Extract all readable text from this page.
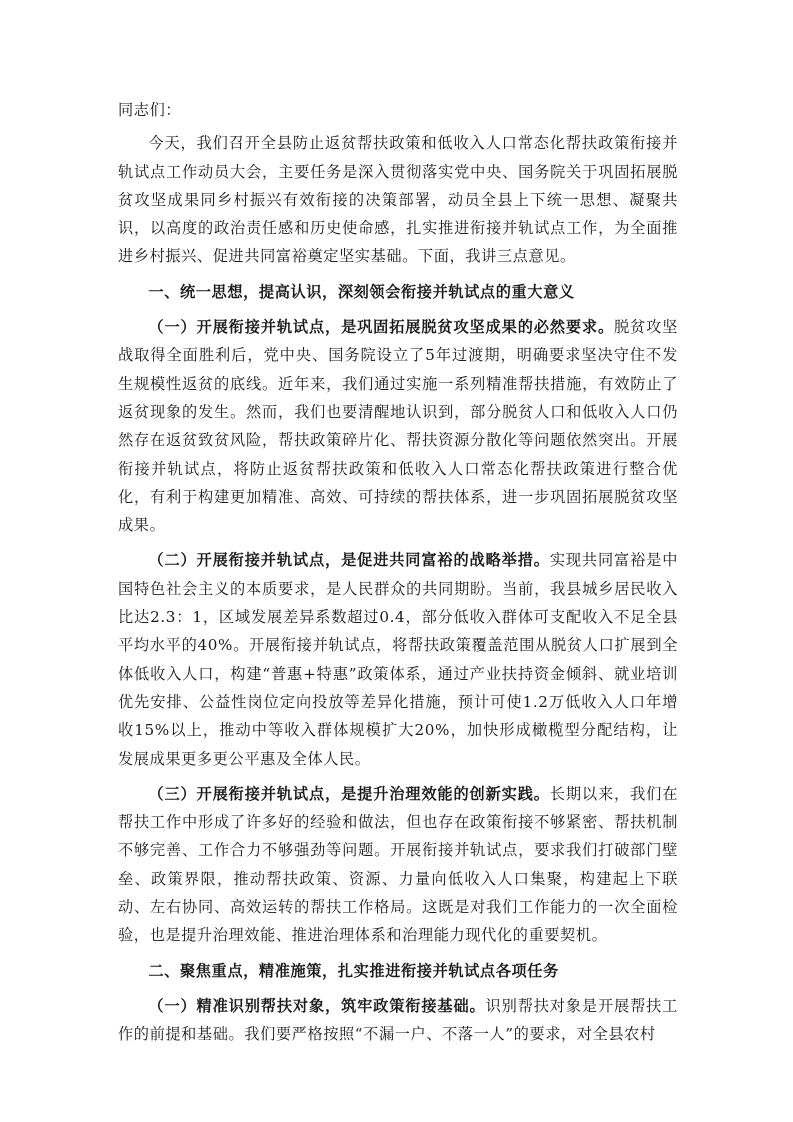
同志们：

今天，我们召开全县防止返贫帮扶政策和低收入人口常态化帮扶政策衔接并轨试点工作动员大会，主要任务是深入贯彻落实党中央、国务院关于巩固拓展脱贫攻坚成果同乡村振兴有效衔接的决策部署，动员全县上下统一思想、凝聚共识，以高度的政治责任感和历史使命感，扎实推进衔接并轨试点工作，为全面推进乡村振兴、促进共同富裕奠定坚实基础。下面，我讲三点意见。

一、统一思想，提高认识，深刻领会衔接并轨试点的重大意义

（一）开展衔接并轨试点，是巩固拓展脱贫攻坚成果的必然要求。脱贫攻坚战取得全面胜利后，党中央、国务院设立了5年过渡期，明确要求坚决守住不发生规模性返贫的底线。近年来，我们通过实施一系列精准帮扶措施，有效防止了返贫现象的发生。然而，我们也要清醒地认识到，部分脱贫人口和低收入人口仍然存在返贫致贫风险，帮扶政策碎片化、帮扶资源分散化等问题依然突出。开展衔接并轨试点，将防止返贫帮扶政策和低收入人口常态化帮扶政策进行整合优化，有利于构建更加精准、高效、可持续的帮扶体系，进一步巩固拓展脱贫攻坚成果。

（二）开展衔接并轨试点，是促进共同富裕的战略举措。实现共同富裕是中国特色社会主义的本质要求，是人民群众的共同期盼。当前，我县城乡居民收入比达2.3：1，区域发展差异系数超过0.4，部分低收入群体可支配收入不足全县平均水平的40%。开展衔接并轨试点，将帮扶政策覆盖范围从脱贫人口扩展到全体低收入人口，构建“普惠+特惠”政策体系，通过产业扶持资金倾斜、就业培训优先安排、公益性岗位定向投放等差异化措施，预计可使1.2万低收入人口年增收15%以上，推动中等收入群体规模扩大20%，加快形成橄榄型分配结构，让发展成果更多更公平惠及全体人民。

（三）开展衔接并轨试点，是提升治理效能的创新实践。长期以来，我们在帮扶工作中形成了许多好的经验和做法，但也存在政策衔接不够紧密、帮扶机制不够完善、工作合力不够强劲等问题。开展衔接并轨试点，要求我们打破部门壁垒、政策界限，推动帮扶政策、资源、力量向低收入人口集聚，构建起上下联动、左右协同、高效运转的帮扶工作格局。这既是对我们工作能力的一次全面检验，也是提升治理效能、推进治理体系和治理能力现代化的重要契机。

二、聚焦重点，精准施策，扎实推进衔接并轨试点各项任务

（一）精准识别帮扶对象，筑牢政策衔接基础。识别帮扶对象是开展帮扶工作的前提和基础。我们要严格按照“不漏一户、不落一人”的要求，对全县农村
